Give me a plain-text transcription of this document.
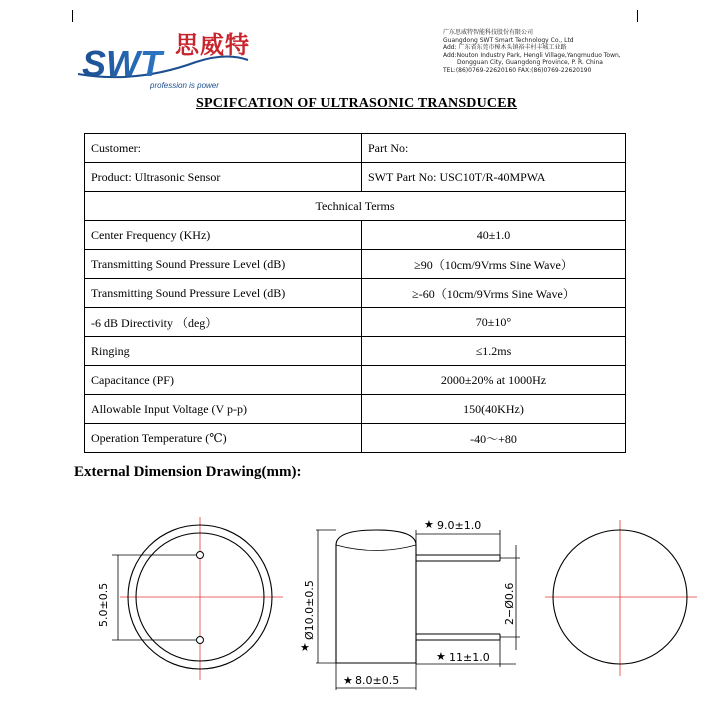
思威特
SWT
profession is power
广东思威特智能科技股份有限公司
Guangdong SWT Smart Technology Co., Ltd
Add: 广东省东莞市樟木头镇裕丰村丰城工业路
Add:Nouton Industry Park, Hengli Village,Yangmuduo Town,
Dongguan City, Guangdong Province, P. R. China
TEL:(86)0769-22620160 FAX:(86)0769-22620190
SPCIFCATION OF ULTRASONIC TRANSDUCER
Customer:	Part No:
Product: Ultrasonic Sensor	SWT Part No: USC10T/R-40MPWA
Technical Terms	
Center Frequency (KHz)	40±1.0
Transmitting Sound Pressure Level (dB)	≥90（10cm/9Vrms Sine Wave）
Transmitting Sound Pressure Level (dB)	≥-60（10cm/9Vrms Sine Wave）
-6 dB Directivity （deg）	70±10°
Ringing	≤1.2ms
Capacitance (PF)	2000±20% at 1000Hz
Allowable Input Voltage (V p-p)	150(40KHz)
Operation Temperature (℃)	-40～+80
External Dimension Drawing(mm):
5.0±0.5
★
Ø10.0±0.5
★ 9.0±1.0
2−Ø0.6
★ 8.0±0.5
★ 11±1.0
